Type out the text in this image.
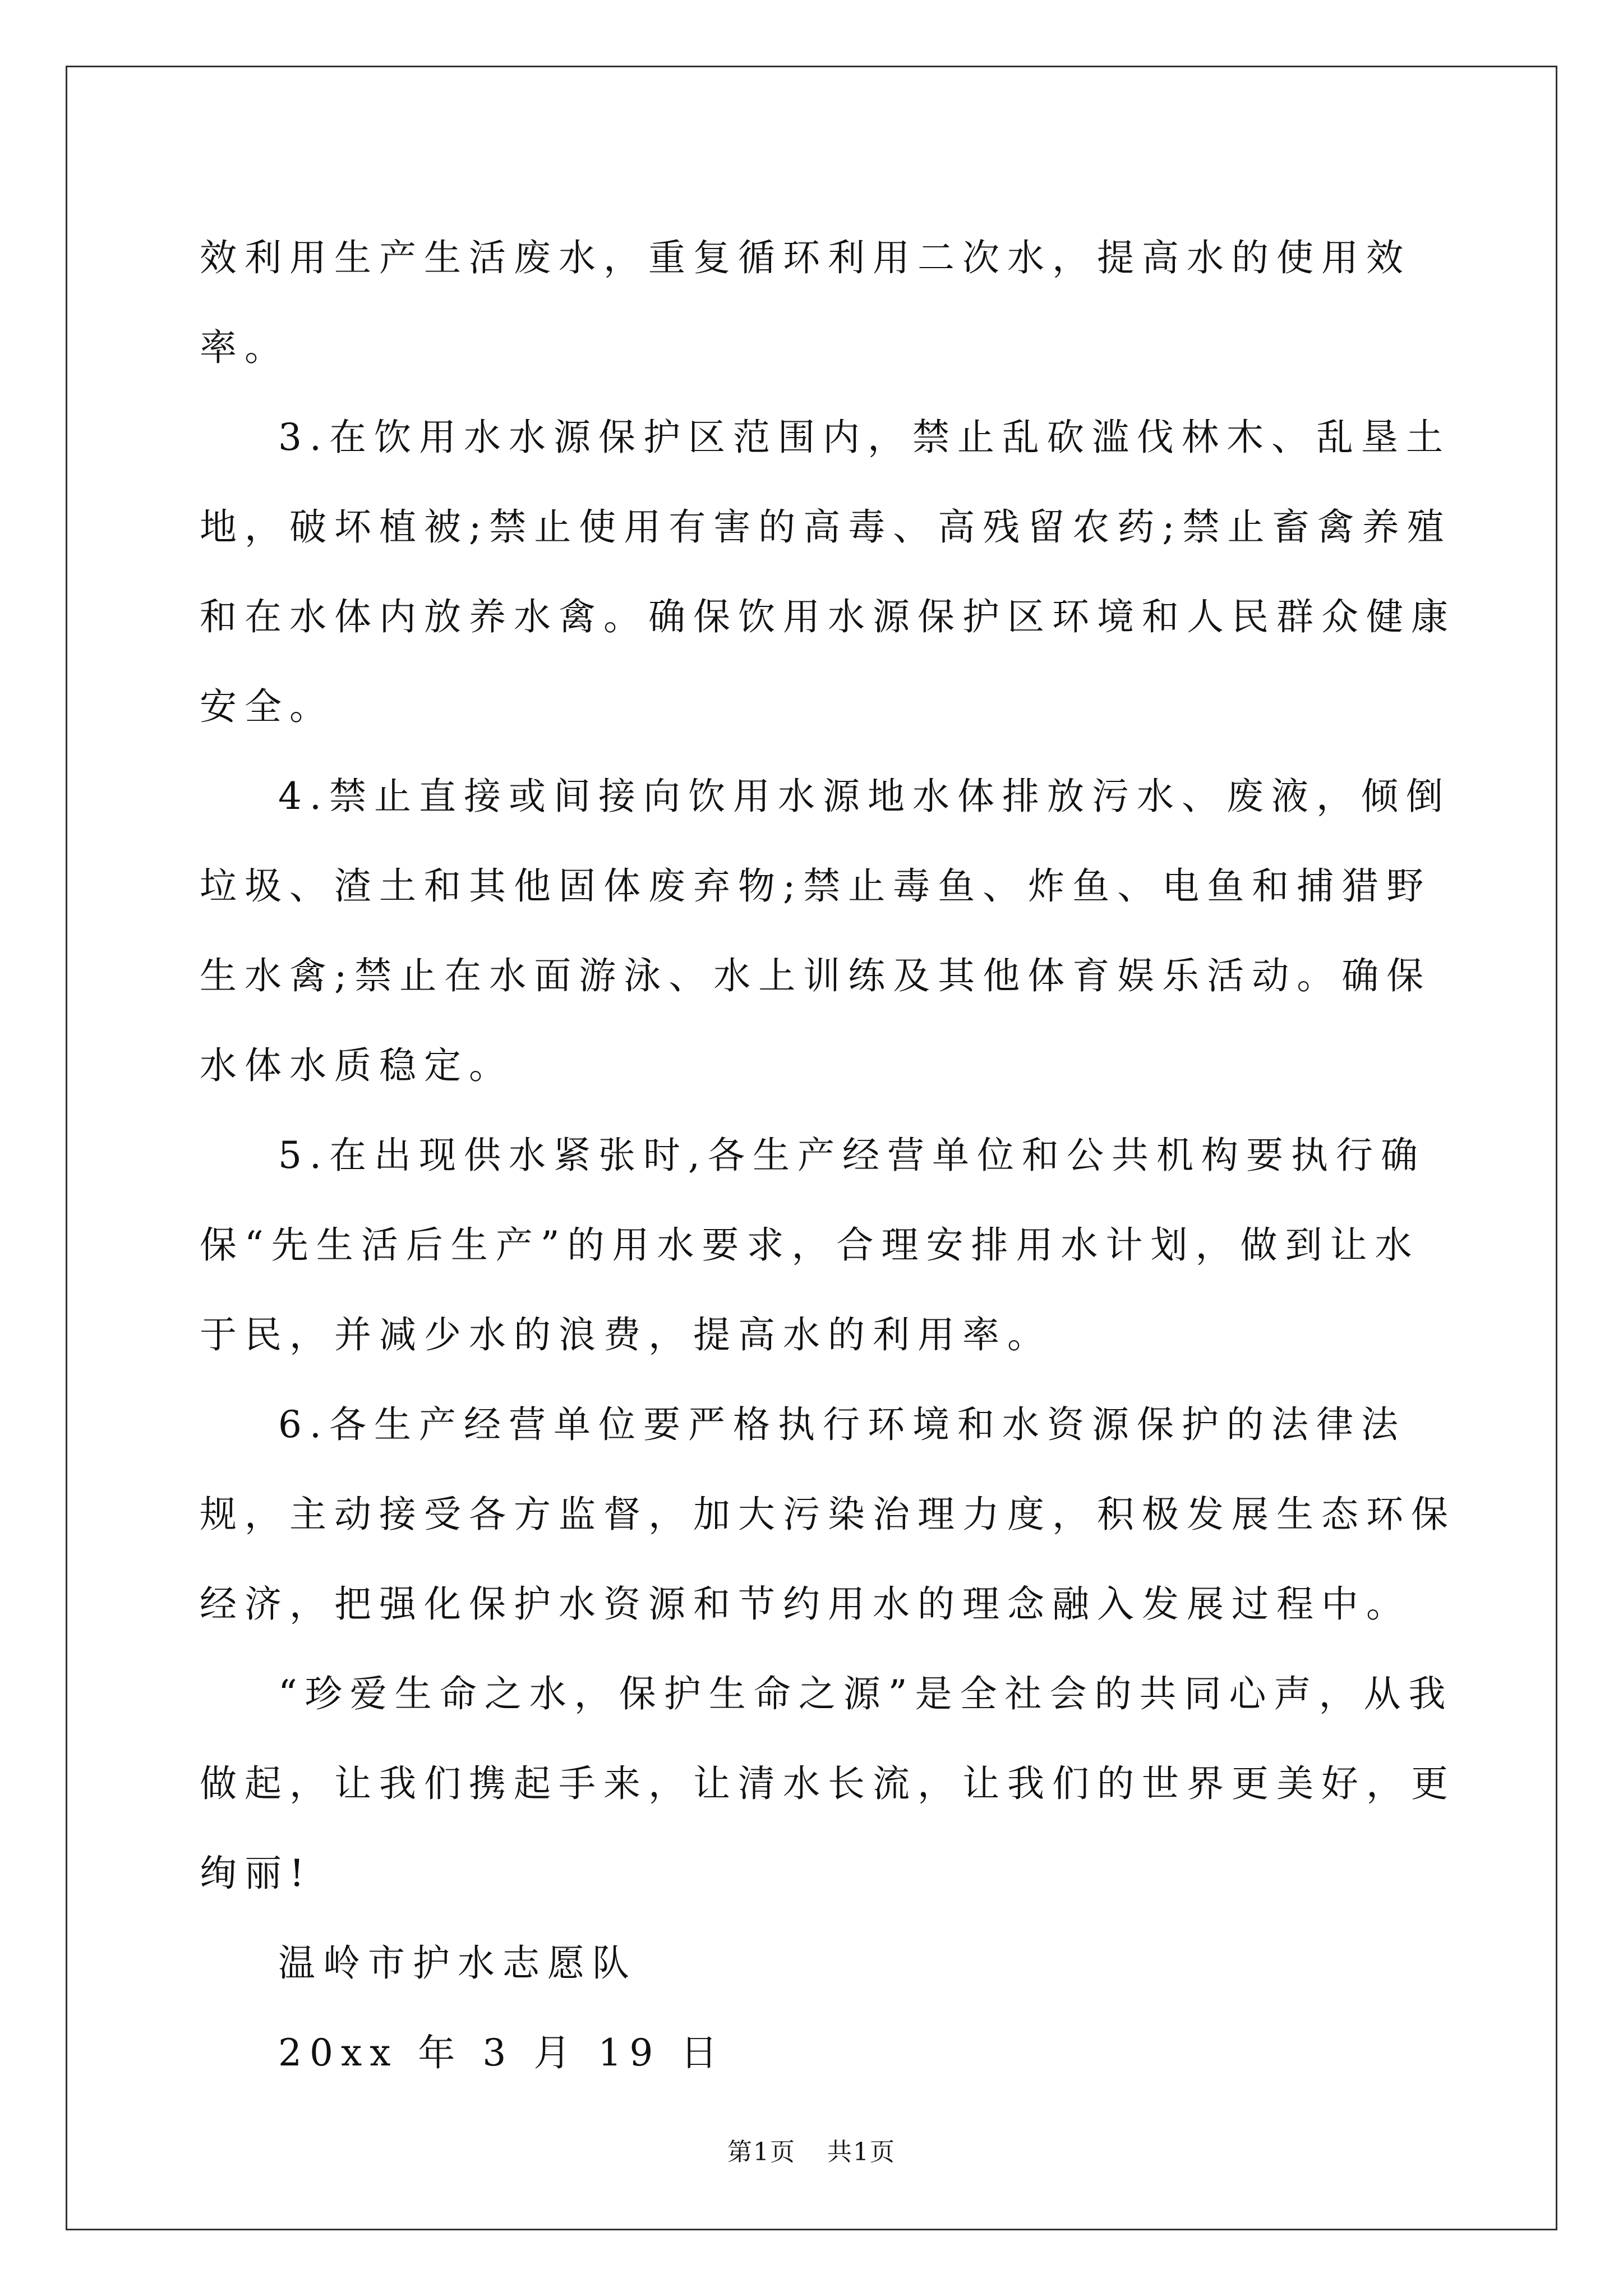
效利用生产生活废水，重复循环利用二次水，提高水的使用效率。

3.在饮用水水源保护区范围内，禁止乱砍滥伐林木、乱垦土地，破坏植被;禁止使用有害的高毒、高残留农药;禁止畜禽养殖和在水体内放养水禽。确保饮用水源保护区环境和人民群众健康安全。

4.禁止直接或间接向饮用水源地水体排放污水、废液，倾倒垃圾、渣土和其他固体废弃物;禁止毒鱼、炸鱼、电鱼和捕猎野生水禽;禁止在水面游泳、水上训练及其他体育娱乐活动。确保水体水质稳定。

5.在出现供水紧张时,各生产经营单位和公共机构要执行确保“先生活后生产”的用水要求，合理安排用水计划，做到让水于民，并减少水的浪费，提高水的利用率。

6.各生产经营单位要严格执行环境和水资源保护的法律法规，主动接受各方监督，加大污染治理力度，积极发展生态环保经济，把强化保护水资源和节约用水的理念融入发展过程中。

“珍爱生命之水，保护生命之源”是全社会的共同心声，从我做起，让我们携起手来，让清水长流，让我们的世界更美好，更绚丽!

温岭市护水志愿队

20xx 年 3 月 19 日

第1页 共1页
